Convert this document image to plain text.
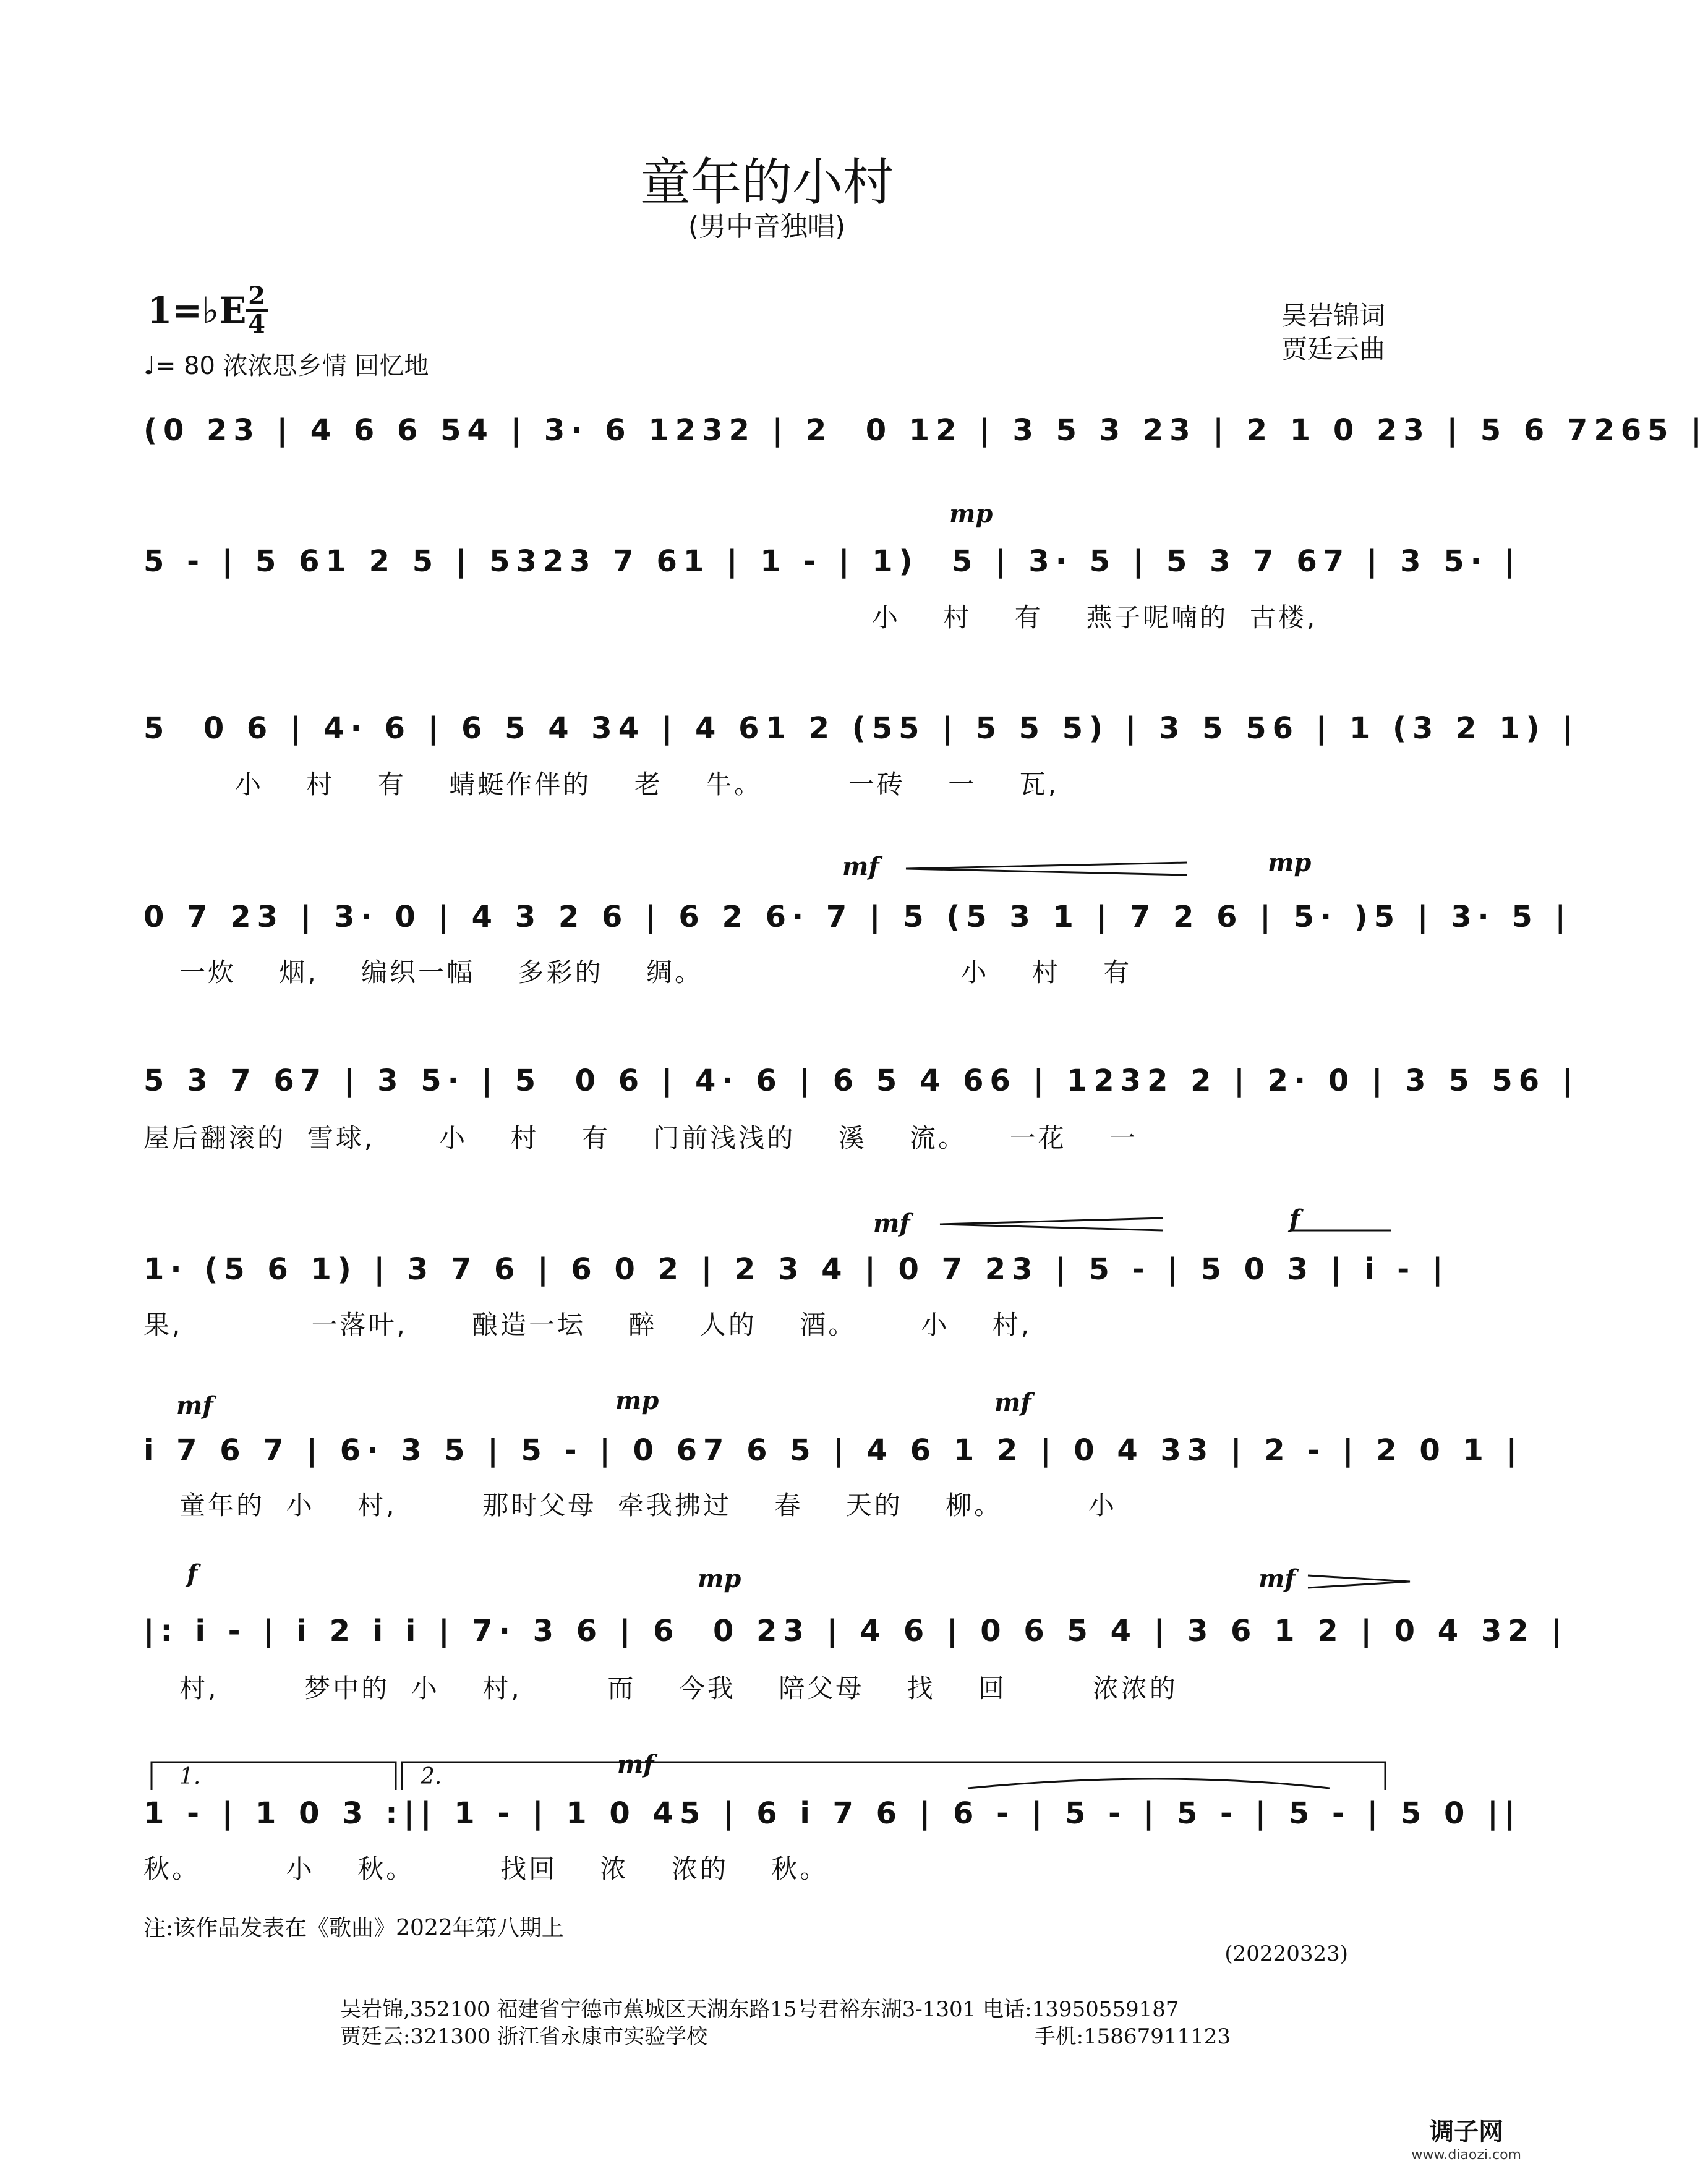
童年的小村
(男中音独唱)
1=♭E 2
4
♩= 80 浓浓思乡情 回忆地
吴岩锦词
贾廷云曲
(0 23 | 4 6 6 54 | 3· 6 1232 | 2  0 12 | 3 5 3 23 | 2 1 0 23 | 5 6 7265 |
5 - | 5 61 2 5 | 5323 7 61 | 1 - | 1)  5 | 3· 5 | 5 3 7 67 | 3 5· |
小    村    有    燕子呢喃的  古楼,
mp
5  0 6 | 4· 6 | 6 5 4 34 | 4 61 2 (55 | 5 5 5) | 3 5 56 | 1 (3 2 1) |
小    村    有    蜻蜓作伴的    老    牛。        一砖    一    瓦,
0 7 23 | 3· 0 | 4 3 2 6 | 6 2 6· 7 | 5 (5 3 1 | 7 2 6 | 5· )5 | 3· 5 |
一炊    烟,    编织一幅    多彩的    绸。                        小    村    有
mf	mp
5 3 7 67 | 3 5· | 5  0 6 | 4· 6 | 6 5 4 66 | 1232 2 | 2· 0 | 3 5 56 |
屋后翻滚的  雪球,      小    村    有    门前浅浅的    溪    流。    一花    一
1· (5 6 1) | 3 7 6 | 6 0 2 | 2 3 4 | 0 7 23 | 5 - | 5 0 3 | i - |
果,            一落叶,      酿造一坛    醉    人的    酒。      小    村,
mf	f
i 7 6 7 | 6· 3 5 | 5 - | 0 67 6 5 | 4 6 1 2 | 0 4 33 | 2 - | 2 0 1 |
童年的  小    村,        那时父母  牵我拂过    春    天的    柳。        小
mf	mp	mf
|: i - | i 2 i i | 7· 3 6 | 6  0 23 | 4 6 | 0 6 5 4 | 3 6 1 2 | 0 4 32 |
村,        梦中的  小    村,        而    今我    陪父母    找    回        浓浓的
f	mp	mf
1.	2.
1 - | 1 0 3 :|| 1 - | 1 0 45 | 6 i 7 6 | 6 - | 5 - | 5 - | 5 - | 5 0 ||
秋。        小    秋。        找回    浓    浓的    秋。
mf
注:该作品发表在《歌曲》2022年第八期上
(20220323)
吴岩锦,352100 福建省宁德市蕉城区天湖东路15号君裕东湖3-1301 电话:13950559187
贾廷云:321300 浙江省永康市实验学校	手机:15867911123
调子网
www.diaozi.com
